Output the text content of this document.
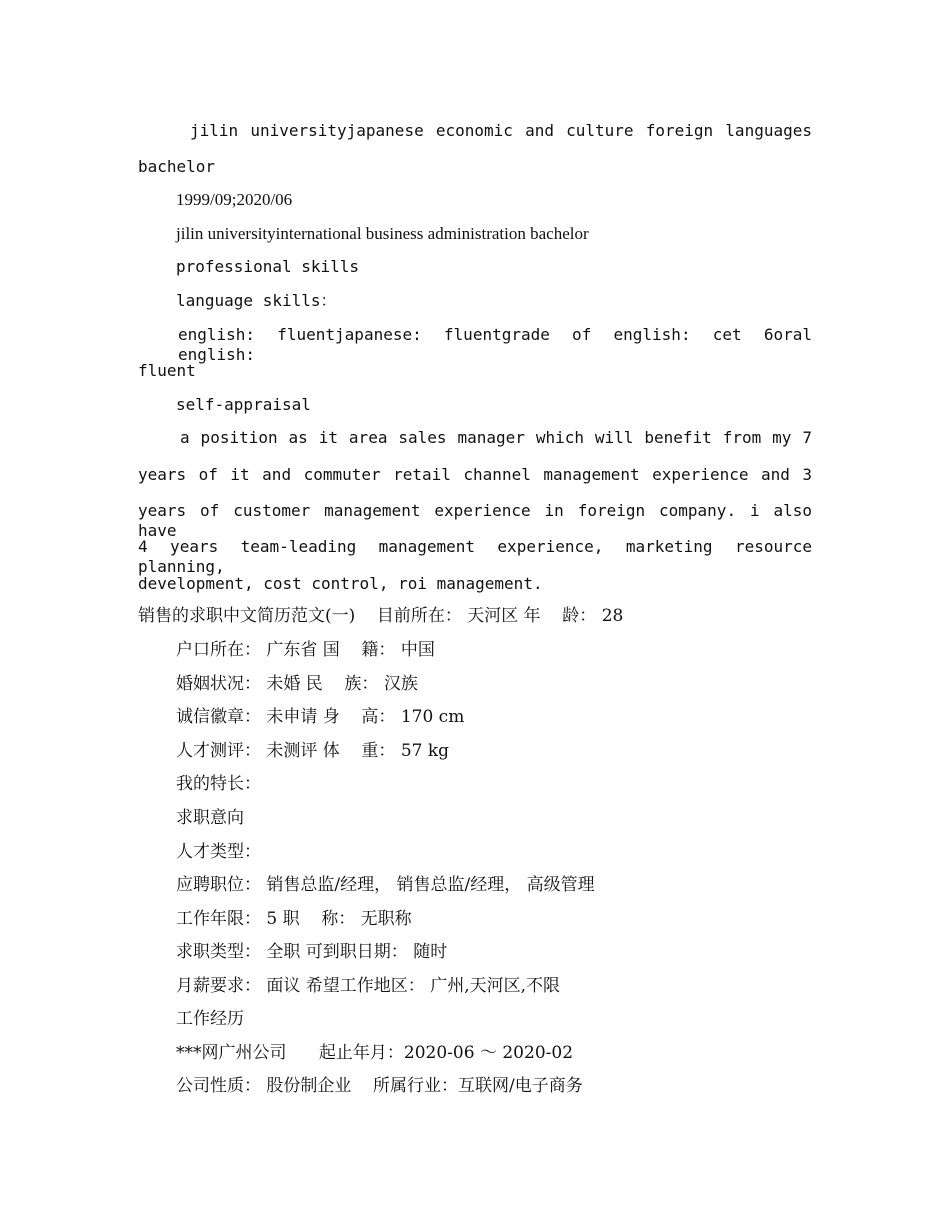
jilin universityjapanese economic and culture foreign languages
bachelor
1999/09;2020/06
jilin universityinternational business administration bachelor
professional skills
language skills：
english: fluentjapanese: fluentgrade of english: cet 6oral english:
fluent
self-appraisal
a position as it area sales manager which will benefit from my 7
years of it and commuter retail channel management experience and 3
years of customer management experience in foreign company. i also have
4 years team-leading management experience, marketing resource planning,
development, cost control, roi management.
销售的求职中文简历范文(一)    目前所在： 天河区 年    龄： 28
户口所在： 广东省 国    籍： 中国
婚姻状况： 未婚 民    族： 汉族
诚信徽章： 未申请 身    高： 170 cm
人才测评： 未测评 体    重： 57 kg
我的特长：
求职意向
人才类型：
应聘职位： 销售总监/经理， 销售总监/经理， 高级管理
工作年限： 5 职    称： 无职称
求职类型： 全职 可到职日期： 随时
月薪要求： 面议 希望工作地区： 广州,天河区,不限
工作经历
***网广州公司      起止年月：2020-06 ～ 2020-02
公司性质： 股份制企业    所属行业：互联网/电子商务
